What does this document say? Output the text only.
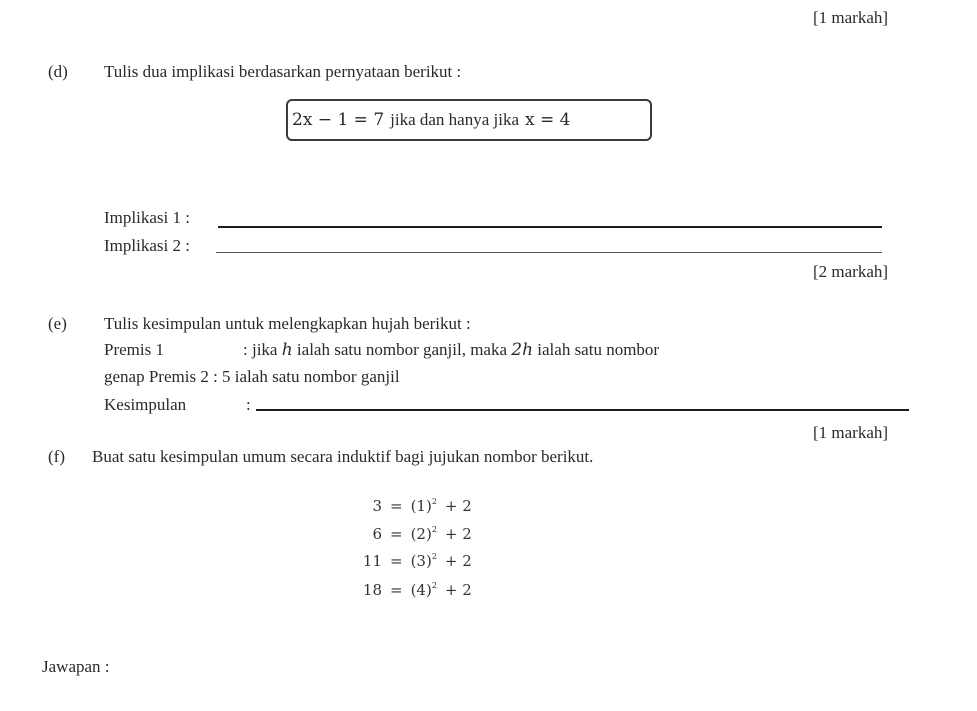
[1 markah]
(d) Tulis dua implikasi berdasarkan pernyataan berikut :
2x − 1 = 7 jika dan hanya jika x = 4
Implikasi 1 :
Implikasi 2 :
[2 markah]
(e) Tulis kesimpulan untuk melengkapkan hujah berikut :
Premis 1	: jika h ialah satu nombor ganjil, maka 2h ialah satu nombor
genap Premis 2 : 5 ialah satu nombor ganjil
Kesimpulan	:
[1 markah]
(f) Buat satu kesimpulan umum secara induktif bagi jujukan nombor berikut.
$3 = (1)^2 + 2$
$6 = (2)^2 + 2$
$11 = (3)^2 + 2$
$18 = (4)^2 + 2$
Jawapan :
